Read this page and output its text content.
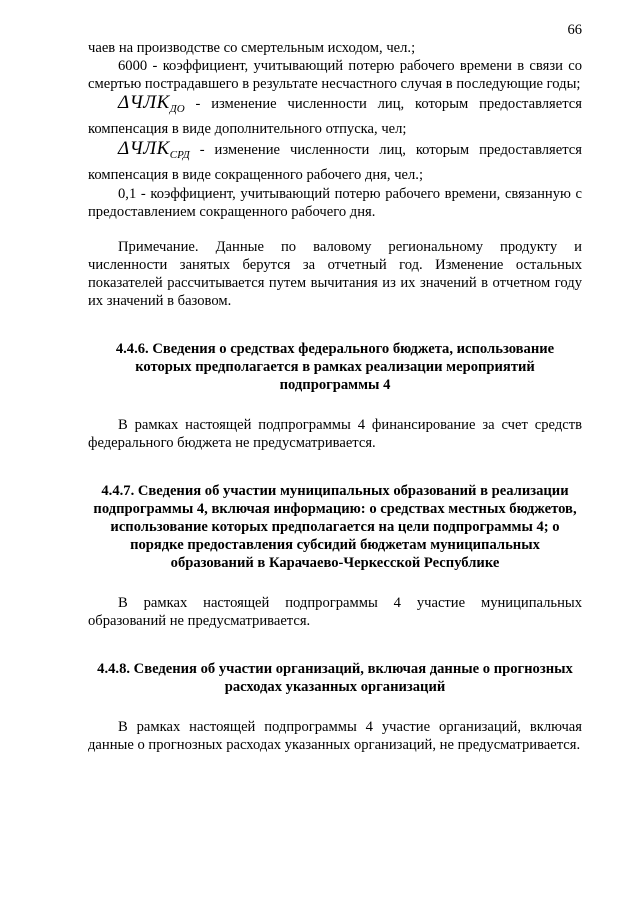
66

чаев на производстве со смертельным исходом, чел.;

6000 - коэффициент, учитывающий потерю рабочего времени в связи со смертью пострадавшего в результате несчастного случая в последующие годы;

$\Delta ЧЛК_{ДО}$ - изменение численности лиц, которым предоставляется компенсация в виде дополнительного отпуска, чел;

$\Delta ЧЛК_{СРД}$ - изменение численности лиц, которым предоставляется компенсация в виде сокращенного рабочего дня, чел.;

0,1 - коэффициент, учитывающий потерю рабочего времени, связанную с предоставлением сокращенного рабочего дня.

Примечание. Данные по валовому региональному продукту и численности занятых берутся за отчетный год. Изменение остальных показателей рассчитывается путем вычитания из их значений в отчетном году их значений в базовом.

4.4.6. Сведения о средствах федерального бюджета, использование которых предполагается в рамках реализации мероприятий подпрограммы 4

В рамках настоящей подпрограммы 4 финансирование за счет средств федерального бюджета не предусматривается.

4.4.7. Сведения об участии муниципальных образований в реализации подпрограммы 4, включая информацию: о средствах местных бюджетов, использование которых предполагается на цели подпрограммы 4; о порядке предоставления субсидий бюджетам муниципальных образований в Карачаево-Черкесской Республике

В рамках настоящей подпрограммы 4 участие муниципальных образований не предусматривается.

4.4.8. Сведения об участии организаций, включая данные о прогнозных расходах указанных организаций

В рамках настоящей подпрограммы 4 участие организаций, включая данные о прогнозных расходах указанных организаций, не предусматривается.
